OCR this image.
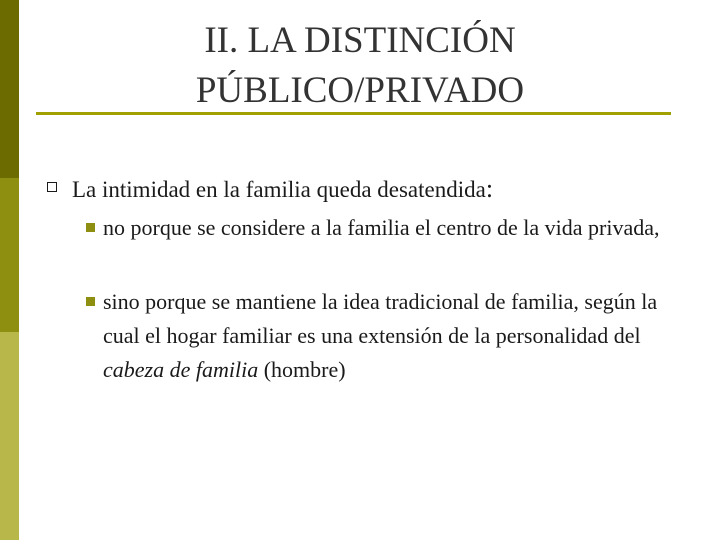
II. LA DISTINCIÓN
PÚBLICO/PRIVADO
La intimidad en la familia queda desatendida:
no porque se considere a la familia el centro de la vida privada,
sino porque se mantiene la idea tradicional de familia, según la cual el hogar familiar es una extensión de la personalidad del cabeza de familia (hombre)
